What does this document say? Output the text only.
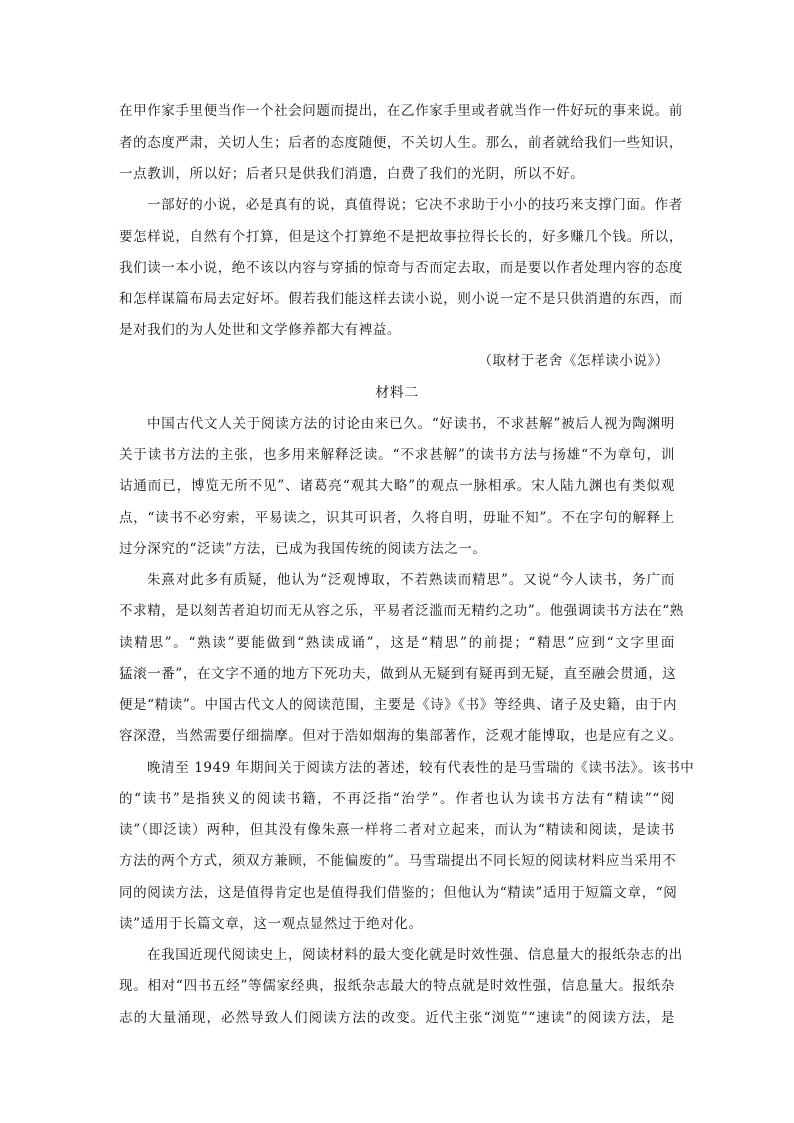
在甲作家手里便当作一个社会问题而提出，在乙作家手里或者就当作一件好玩的事来说。前
者的态度严肃，关切人生；后者的态度随便，不关切人生。那么，前者就给我们一些知识，
一点教训，所以好；后者只是供我们消遣，白费了我们的光阴，所以不好。
一部好的小说，必是真有的说，真值得说；它决不求助于小小的技巧来支撑门面。作者
要怎样说，自然有个打算，但是这个打算绝不是把故事拉得长长的，好多赚几个钱。所以，
我们读一本小说，绝不该以内容与穿插的惊奇与否而定去取，而是要以作者处理内容的态度
和怎样谋篇布局去定好坏。假若我们能这样去读小说，则小说一定不是只供消遣的东西，而
是对我们的为人处世和文学修养都大有裨益。
（取材于老舍《怎样读小说》）
材料二
中国古代文人关于阅读方法的讨论由来已久。“好读书，不求甚解”被后人视为陶渊明
关于读书方法的主张，也多用来解释泛读。“不求甚解”的读书方法与扬雄“不为章句，训
诂通而已，博览无所不见”、诸葛亮“观其大略”的观点一脉相承。宋人陆九渊也有类似观
点，“读书不必穷索，平易读之，识其可识者，久将自明，毋耻不知”。不在字句的解释上
过分深究的“泛读”方法，已成为我国传统的阅读方法之一。
朱熹对此多有质疑，他认为“泛观博取，不若熟读而精思”。又说“今人读书，务广而
不求精，是以刻苦者迫切而无从容之乐，平易者泛滥而无精约之功”。他强调读书方法在“熟
读精思”。“熟读”要能做到“熟读成诵”，这是“精思”的前提；“精思”应到“文字里面
猛滚一番”，在文字不通的地方下死功夫，做到从无疑到有疑再到无疑，直至融会贯通，这
便是“精读”。中国古代文人的阅读范围，主要是《诗》《书》等经典、诸子及史籍，由于内
容深澄，当然需要仔细揣摩。但对于浩如烟海的集部著作，泛观才能博取，也是应有之义。
晚清至 1949 年期间关于阅读方法的著述，较有代表性的是马雪瑞的《读书法》。该书中
的“读书”是指狭义的阅读书籍，不再泛指“治学”。作者也认为读书方法有“精读”“阅
读”（即泛读）两种，但其没有像朱熹一样将二者对立起来，而认为“精读和阅读，是读书
方法的两个方式，须双方兼顾，不能偏废的”。马雪瑞提出不同长短的阅读材料应当采用不
同的阅读方法，这是值得肯定也是值得我们借鉴的；但他认为“精读”适用于短篇文章，“阅
读”适用于长篇文章，这一观点显然过于绝对化。
在我国近现代阅读史上，阅读材料的最大变化就是时效性强、信息量大的报纸杂志的出
现。相对“四书五经”等儒家经典，报纸杂志最大的特点就是时效性强，信息量大。报纸杂
志的大量涌现，必然导致人们阅读方法的改变。近代主张“浏览”“速读”的阅读方法，是
